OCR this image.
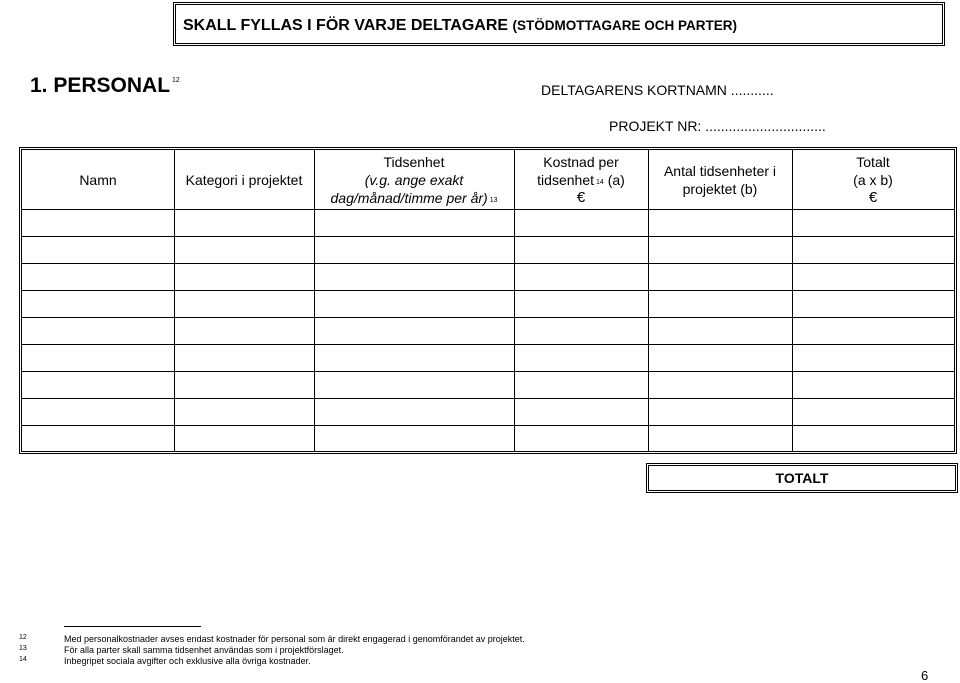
SKALL FYLLAS I FÖR VARJE DELTAGARE (STÖDMOTTAGARE OCH PARTER)
1. PERSONAL $^{12}$
DELTAGARENS KORTNAMN ...........
PROJEKT NR: ...............................
Namn	Kategori i projektet
Tidsenhet
(v.g. ange exakt
dag/månad/timme per år) $^{13}$
Kostnad per
tidsenhet $^{14}$ (a)
€
Antal tidsenheter i
projektet (b)
Totalt
(a x b)
€
TOTALT
12
13
14
Med personalkostnader avses endast kostnader för personal som är direkt engagerad i genomförandet av projektet.
För alla parter skall samma tidsenhet användas som i projektförslaget.
Inbegripet sociala avgifter och exklusive alla övriga kostnader.
6
